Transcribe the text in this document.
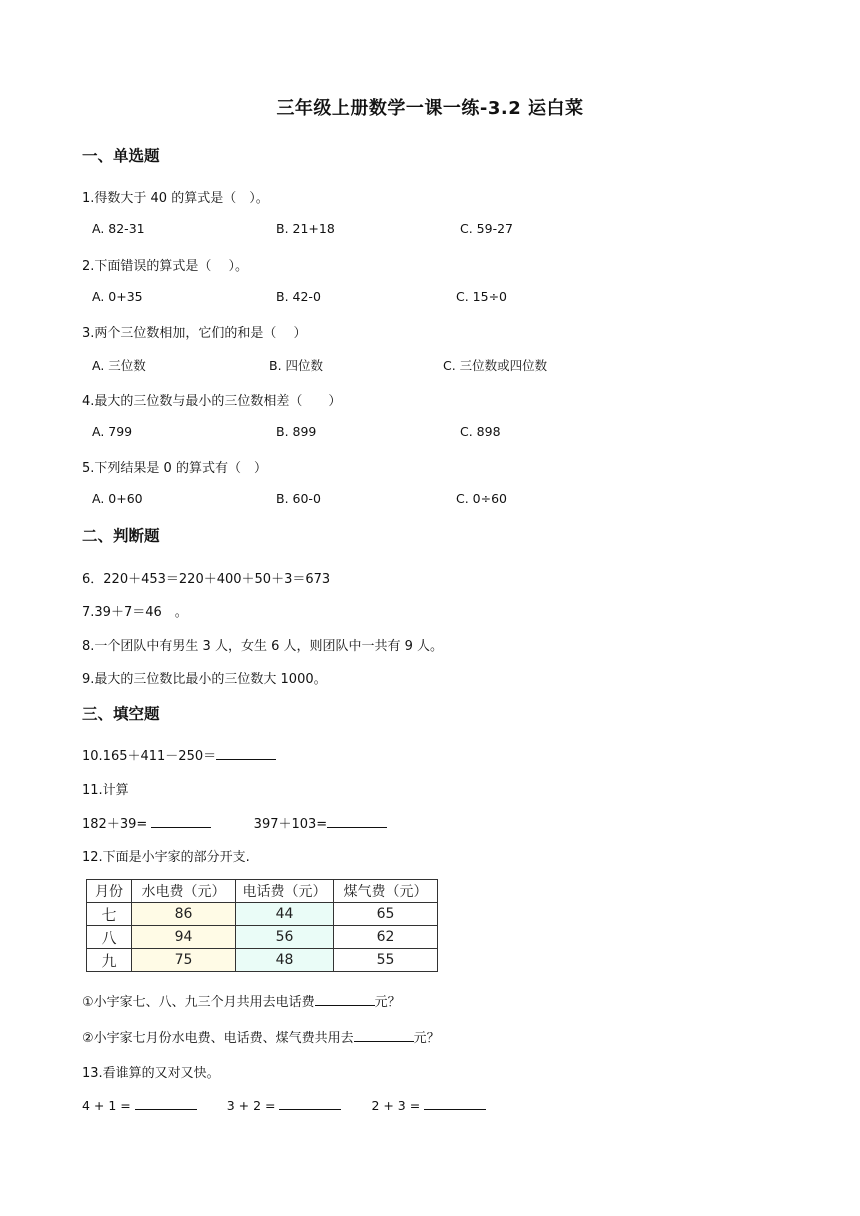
三年级上册数学一课一练-3.2 运白菜
一、单选题
1.得数大于 40 的算式是（　）。
A. 82-31	B. 21+18	C. 59-27
2.下面错误的算式是（　 ）。
A. 0+35	B. 42-0	C. 15÷0
3.两个三位数相加，它们的和是（　 ）
A. 三位数	B. 四位数	C. 三位数或四位数
4.最大的三位数与最小的三位数相差（　　）
A. 799	B. 899	C. 898
5.下列结果是 0 的算式有（　）
A. 0+60	B. 60-0	C. 0÷60
二、判断题
6．220＋453＝220＋400＋50＋3＝673
7.39＋7＝46　。
8.一个团队中有男生 3 人，女生 6 人，则团队中一共有 9 人。
9.最大的三位数比最小的三位数大 1000。
三、填空题
10.165＋411－250＝
11.计算
182＋39=	397＋103=
12.下面是小宇家的部分开支.
月份	水电费（元）	电话费（元）	煤气费（元）
七	86	44	65
八	94	56	62
九	75	48	55
①小宇家七、八、九三个月共用去电话费	元？
②小宇家七月份水电费、电话费、煤气费共用去	元？
13.看谁算的又对又快。
4 + 1 =	3 + 2 =	2 + 3 =
